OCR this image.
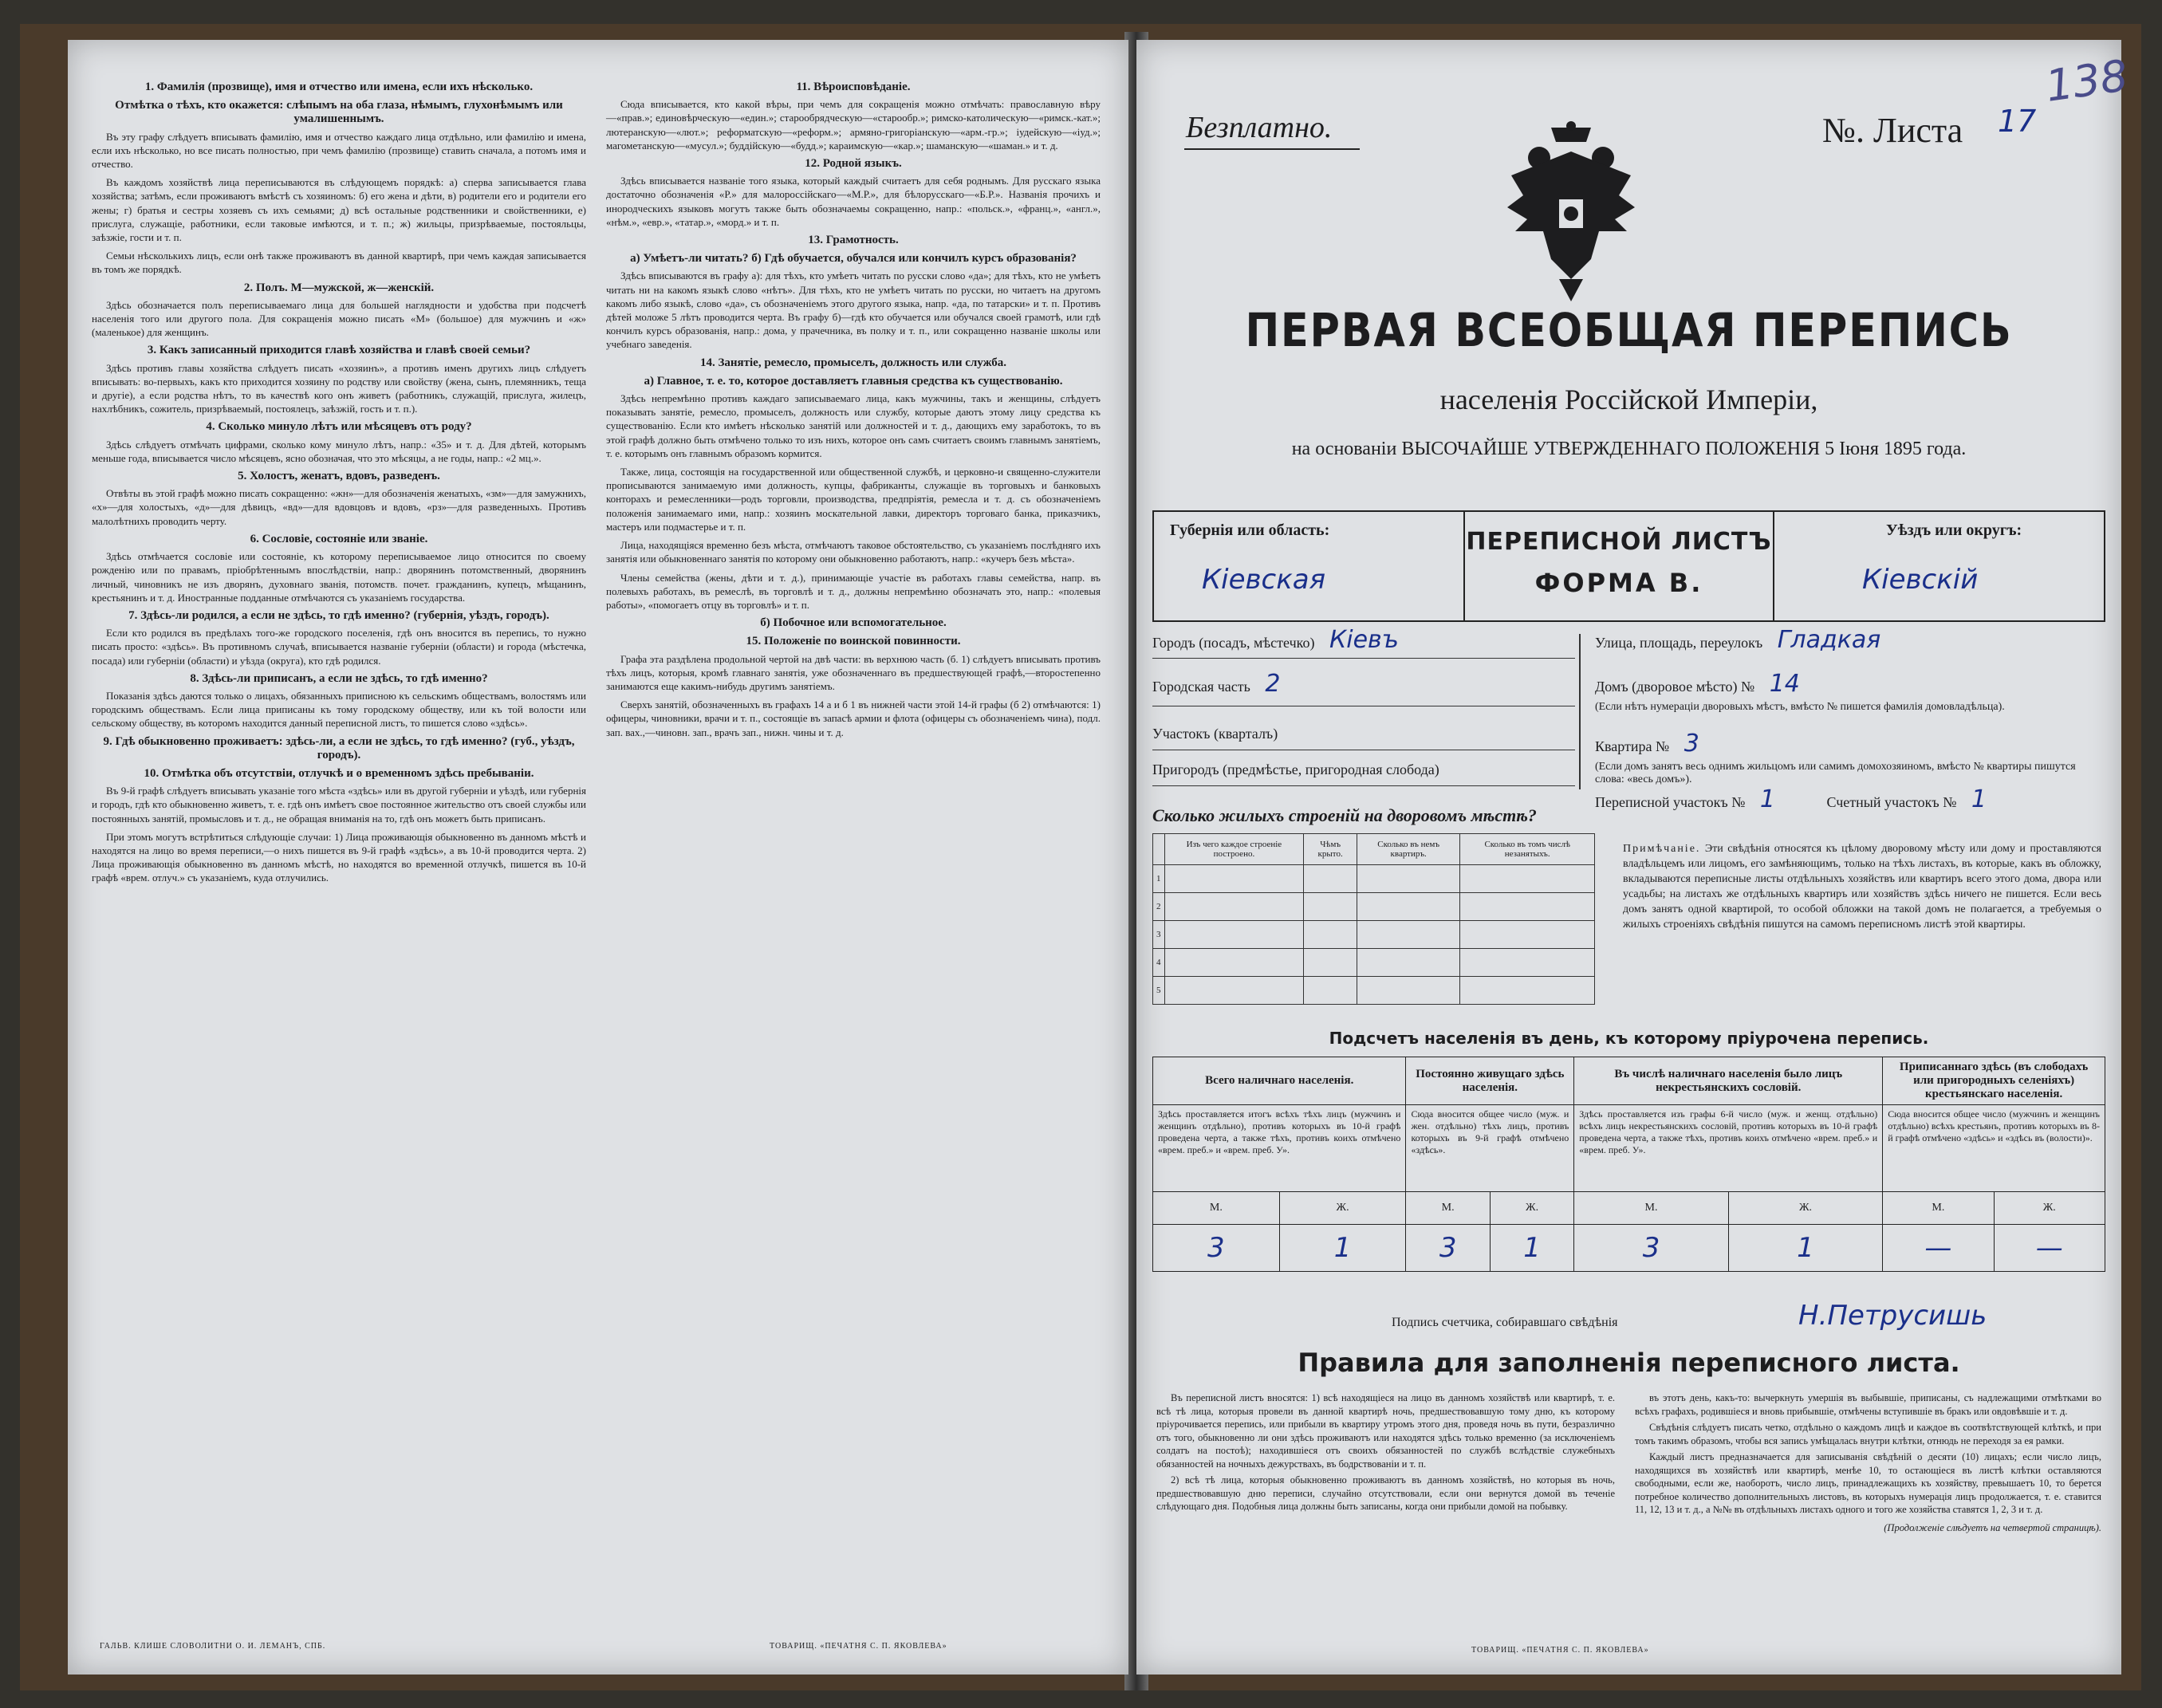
1. Фамилія (прозвище), имя и отчество или имена, если ихъ нѣсколько.
Отмѣтка о тѣхъ, кто окажется: слѣпымъ на оба глаза, нѣмымъ, глухонѣмымъ или умалишеннымъ.

Въ эту графу слѣдуетъ вписывать фамилію, имя и отчество каждаго лица отдѣльно, или фамилію и имена, если ихъ нѣсколько, но все писать полностью, при чемъ фамилію (прозвище) ставить сначала, а потомъ имя и отчество.

Въ каждомъ хозяйствѣ лица переписываются въ слѣдующемъ порядкѣ: а) сперва записывается глава хозяйства; затѣмъ, если проживаютъ вмѣстѣ съ хозяиномъ: б) его жена и дѣти, в) родители его и родители его жены; г) братья и сестры хозяевъ съ ихъ семьями; д) всѣ остальные родственники и свойственники, е) прислуга, служащіе, работники, если таковые имѣются, и т. п.; ж) жильцы, призрѣваемые, постояльцы, заѣзжіе, гости и т. п.

Семьи нѣсколькихъ лицъ, если онѣ также проживаютъ въ данной квартирѣ, при чемъ каждая записывается въ томъ же порядкѣ.

2. Полъ. М—мужской, ж—женскій.

Здѣсь обозначается полъ переписываемаго лица для большей наглядности и удобства при подсчетѣ населенія того или другого пола. Для сокращенія можно писать «М» (большое) для мужчинъ и «ж» (маленькое) для женщинъ.

3. Какъ записанный приходится главѣ хозяйства и главѣ своей семьи?

Здѣсь противъ главы хозяйства слѣдуетъ писать «хозяинъ», а противъ именъ другихъ лицъ слѣдуетъ вписывать: во-первыхъ, какъ кто приходится хозяину по родству или свойству (жена, сынъ, племянникъ, теща и другіе), а если родства нѣтъ, то въ качествѣ кого онъ живетъ (работникъ, служащій, прислуга, жилецъ, нахлѣбникъ, сожитель, призрѣваемый, постоялецъ, заѣзжій, гость и т. п.).

4. Сколько минуло лѣтъ или мѣсяцевъ отъ роду?

Здѣсь слѣдуетъ отмѣчать цифрами, сколько кому минуло лѣтъ, напр.: «35» и т. д. Для дѣтей, которымъ меньше года, вписывается число мѣсяцевъ, ясно обозначая, что это мѣсяцы, а не годы, напр.: «2 мц.».

5. Холостъ, женатъ, вдовъ, разведенъ.

Отвѣты въ этой графѣ можно писать сокращенно: «жн»—для обозначенія женатыхъ, «зм»—для замужнихъ, «х»—для холостыхъ, «д»—для дѣвицъ, «вд»—для вдовцовъ и вдовъ, «рз»—для разведенныхъ. Противъ малолѣтнихъ проводить черту.

6. Сословіе, состояніе или званіе.

Здѣсь отмѣчается сословіе или состояніе, къ которому переписываемое лицо относится по своему рожденію или по правамъ, пріобрѣтеннымъ впослѣдствіи, напр.: дворянинъ потомственный, дворянинъ личный, чиновникъ не изъ дворянъ, духовнаго званія, потомств. почет. гражданинъ, купецъ, мѣщанинъ, крестьянинъ и т. д. Иностранные подданные отмѣчаются съ указаніемъ государства.

7. Здѣсь-ли родился, а если не здѣсь, то гдѣ именно? (губернія, уѣздъ, городъ).

Если кто родился въ предѣлахъ того-же городского поселенія, гдѣ онъ вносится въ перепись, то нужно писать просто: «здѣсь». Въ противномъ случаѣ, вписывается названіе губерніи (области) и города (мѣстечка, посада) или губерніи (области) и уѣзда (округа), кто гдѣ родился.

8. Здѣсь-ли приписанъ, а если не здѣсь, то гдѣ именно?

Показанія здѣсь даются только о лицахъ, обязанныхъ приписною къ сельскимъ обществамъ, волостямъ или городскимъ обществамъ. Если лица приписаны къ тому городскому обществу, или къ той волости или сельскому обществу, въ которомъ находится данный переписной листъ, то пишется слово «здѣсь».

9. Гдѣ обыкновенно проживаетъ: здѣсь-ли, а если не здѣсь, то гдѣ именно? (губ., уѣздъ, городъ).
10. Отмѣтка объ отсутствіи, отлучкѣ и о временномъ здѣсь пребываніи.

Въ 9-й графѣ слѣдуетъ вписывать указаніе того мѣста «здѣсь» или въ другой губерніи и уѣздѣ, или губернія и городъ, гдѣ кто обыкновенно живетъ, т. е. гдѣ онъ имѣетъ свое постоянное жительство отъ своей службы или постоянныхъ занятій, промысловъ и т. д., не обращая вниманія на то, гдѣ онъ можетъ быть приписанъ.

При этомъ могутъ встрѣтиться слѣдующіе случаи: 1) Лица проживающія обыкновенно въ данномъ мѣстѣ и находятся на лицо во время переписи,—о нихъ пишется въ 9-й графѣ «здѣсь», а въ 10-й проводится черта. 2) Лица проживающія обыкновенно въ данномъ мѣстѣ, но находятся во временной отлучкѣ, пишется въ 10-й графѣ «врем. отлуч.» съ указаніемъ, куда отлучились.

11. Вѣроисповѣданіе.

Сюда вписывается, кто какой вѣры, при чемъ для сокращенія можно отмѣчать: православную вѣру—«прав.»; единовѣрческую—«един.»; старообрядческую—«старообр.»; римско-католическую—«римск.-кат.»; лютеранскую—«лют.»; реформатскую—«реформ.»; армяно-григоріанскую—«арм.-гр.»; іудейскую—«іуд.»; магометанскую—«мусул.»; буддійскую—«будд.»; караимскую—«кар.»; шаманскую—«шаман.» и т. д.

12. Родной языкъ.

Здѣсь вписывается названіе того языка, который каждый считаетъ для себя роднымъ. Для русскаго языка достаточно обозначенія «Р.» для малороссійскаго—«М.Р.», для бѣлорусскаго—«Б.Р.». Названія прочихъ и инородческихъ языковъ могутъ также быть обозначаемы сокращенно, напр.: «польск.», «франц.», «англ.», «нѣм.», «евр.», «татар.», «морд.» и т. п.

13. Грамотность.
а) Умѣетъ-ли читать? б) Гдѣ обучается, обучался или кончилъ курсъ образованія?

Здѣсь вписываются въ графу а): для тѣхъ, кто умѣетъ читать по русски слово «да»; для тѣхъ, кто не умѣетъ читать ни на какомъ языкѣ слово «нѣтъ». Для тѣхъ, кто не умѣетъ читать по русски, но читаетъ на другомъ какомъ либо языкѣ, слово «да», съ обозначеніемъ этого другого языка, напр. «да, по татарски» и т. п. Противъ дѣтей моложе 5 лѣтъ проводится черта. Въ графу б)—гдѣ кто обучается или обучался своей грамотѣ, или гдѣ кончилъ курсъ образованія, напр.: дома, у прачечника, въ полку и т. п., или сокращенно названіе школы или учебнаго заведенія.

14. Занятіе, ремесло, промыселъ, должность или служба.
а) Главное, т. е. то, которое доставляетъ главныя средства къ существованію.

Здѣсь непремѣнно противъ каждаго записываемаго лица, какъ мужчины, такъ и женщины, слѣдуетъ показывать занятіе, ремесло, промыселъ, должность или службу, которые даютъ этому лицу средства къ существованію. Если кто имѣетъ нѣсколько занятій или должностей и т. д., дающихъ ему заработокъ, то въ этой графѣ должно быть отмѣчено только то изъ нихъ, которое онъ самъ считаетъ своимъ главнымъ занятіемъ, т. е. которымъ онъ главнымъ образомъ кормится.

Также, лица, состоящія на государственной или общественной службѣ, и церковно-и священно-служители прописываются занимаемую ими должность, купцы, фабриканты, служащіе въ торговыхъ и банковыхъ конторахъ и ремесленники—родъ торговли, производства, предпріятія, ремесла и т. д. съ обозначеніемъ положенія занимаемаго ими, напр.: хозяинъ москательной лавки, директоръ торговаго банка, приказчикъ, мастеръ или подмастерье и т. п.

Лица, находящіяся временно безъ мѣста, отмѣчаютъ таковое обстоятельство, съ указаніемъ послѣдняго ихъ занятія или обыкновеннаго занятія по которому они обыкновенно работаютъ, напр.: «кучеръ безъ мѣста».

Члены семейства (жены, дѣти и т. д.), принимающіе участіе въ работахъ главы семейства, напр. въ полевыхъ работахъ, въ ремеслѣ, въ торговлѣ и т. д., должны непремѣнно обозначать это, напр.: «полевыя работы», «помогаетъ отцу въ торговлѣ» и т. п.

б) Побочное или вспомогательное.
15. Положеніе по воинской повинности.

Графа эта раздѣлена продольной чертой на двѣ части: въ верхнюю часть (б. 1) слѣдуетъ вписывать противъ тѣхъ лицъ, которыя, кромѣ главнаго занятія, уже обозначеннаго въ предшествующей графѣ,—второстепенно занимаются еще какимъ-нибудь другимъ занятіемъ.

Сверхъ занятій, обозначенныхъ въ графахъ 14 а и б 1 въ нижней части этой 14-й графы (б 2) отмѣчаются: 1) офицеры, чиновники, врачи и т. п., состоящіе въ запасѣ армии и флота (офицеры съ обозначеніемъ чина), подл. зап. вах.,—чиновн. зап., врачъ зап., нижн. чины и т. д.

ГАЛЬВ. КЛИШЕ СЛОВОЛИТНИ О. И. ЛЕМАНЪ, СПБ.	ТОВАРИЩ. «ПЕЧАТНЯ С. П. ЯКОВЛЕВА»
Безплатно.	№. Листа 17
138
ПЕРВАЯ ВСЕОБЩАЯ ПЕРЕПИСЬ
населенія Россійской Имперіи,
на основаніи ВЫСОЧАЙШЕ УТВЕРЖДЕННАГО ПОЛОЖЕНІЯ 5 Іюня 1895 года.
Губернія или область:
Кіевская
ПЕРЕПИСНОЙ ЛИСТЪ
ФОРМА В.
Уѣздъ или округъ:
Кіевскій
Городъ (посадъ, мѣстечко) Кіевъ
Городская часть 2
Участокъ (кварталъ)
Пригородъ (предмѣстье, пригородная слобода)
Улица, площадь, переулокъ Гладкая
Домъ (дворовое мѣсто) № 14
(Если нѣтъ нумераціи дворовыхъ мѣстъ, вмѣсто № пишется фамилія домовладѣльца).
Квартира № 3
(Если домъ занятъ весь однимъ жильцомъ или самимъ домохозяиномъ, вмѣсто № квартиры пишутся слова: «весь домъ»).
Переписной участокъ № 1	Счетный участокъ № 1
Сколько жилыхъ строеній на дворовомъ мѣстѣ?
	Изъ чего каждое строеніе построено.	Чѣмъ крыто.	Сколько въ немъ квартиръ.	Сколько въ томъ числѣ незанятыхъ.
1				
2				
3				
4				
5				
Примѣчаніе. Эти свѣдѣнія относятся къ цѣлому дворовому мѣсту или дому и проставляются владѣльцемъ или лицомъ, его замѣняющимъ, только на тѣхъ листахъ, въ которые, какъ въ обложку, вкладываются переписные листы отдѣльныхъ хозяйствъ или квартиръ всего этого дома, двора или усадьбы; на листахъ же отдѣльныхъ квартиръ или хозяйствъ здѣсь ничего не пишется. Если весь домъ занятъ одной квартирой, то особой обложки на такой домъ не полагается, а требуемыя о жилыхъ строеніяхъ свѣдѣнія пишутся на самомъ переписномъ листѣ этой квартиры.
Подсчетъ населенія въ день, къ которому пріурочена перепись.
Всего наличнаго населенія.		Постоянно живущаго здѣсь населенія.		Въ числѣ наличнаго населенія было лицъ некрестьянскихъ сословій.		Приписаннаго здѣсь (въ слободахъ или пригородныхъ селеніяхъ) крестьянскаго населенія.	
Здѣсь проставляется итогъ всѣхъ тѣхъ лицъ (мужчинъ и женщинъ отдѣльно), противъ которыхъ въ 10-й графѣ проведена черта, а также тѣхъ, противъ коихъ отмѣчено «врем. преб.» и «врем. преб. У».		Сюда вносится общее число (муж. и жен. отдѣльно) тѣхъ лицъ, противъ которыхъ въ 9-й графѣ отмѣчено «здѣсь».		Здѣсь проставляется изъ графы 6-й число (муж. и женщ. отдѣльно) всѣхъ лицъ некрестьянскихъ сословій, противъ которыхъ въ 10-й графѣ проведена черта, а также тѣхъ, противъ коихъ отмѣчено «врем. преб.» и «врем. преб. У».		Сюда вносится общее число (мужчинъ и женщинъ отдѣльно) всѣхъ крестьянъ, противъ которыхъ въ 8-й графѣ отмѣчено «здѣсь» и «здѣсь въ (волости)».	
М.	Ж.	М.	Ж.	М.	Ж.	М.	Ж.
3	1	3	1	3	1	—	—
Подпись счетчика, собиравшаго свѣдѣнія	Н.Петрусишь
Правила для заполненія переписного листа.

Въ переписной листъ вносятся: 1) всѣ находящіеся на лицо въ данномъ хозяйствѣ или квартирѣ, т. е. всѣ тѣ лица, которыя провели въ данной квартирѣ ночь, предшествовавшую тому дню, къ которому пріурочивается перепись, или прибыли въ квартиру утромъ этого дня, проведя ночь въ пути, безразлично отъ того, обыкновенно ли они здѣсь проживаютъ или находятся здѣсь только временно (за исключеніемъ солдатъ на постоѣ); находившіеся отъ своихъ обязанностей по службѣ вслѣдствіе служебныхъ обязанностей на ночныхъ дежурствахъ, въ бодрствованіи и т. п.

2) всѣ тѣ лица, которыя обыкновенно проживаютъ въ данномъ хозяйствѣ, но которыя въ ночь, предшествовавшую дню переписи, случайно отсутствовали, если они вернутся домой въ теченіе слѣдующаго дня. Подобныя лица должны быть записаны, когда они прибыли домой на побывку.

въ этотъ день, какъ-то: вычеркнуть умершія въ выбывшіе, приписаны, съ надлежащими отмѣтками во всѣхъ графахъ, родившіеся и вновь прибывшіе, отмѣчены вступившіе въ бракъ или овдовѣвшіе и т. д.

Свѣдѣнія слѣдуетъ писать четко, отдѣльно о каждомъ лицѣ и каждое въ соотвѣтствующей клѣткѣ, и при томъ такимъ образомъ, чтобы вся запись умѣщалась внутри клѣтки, отнюдь не переходя за ея рамки.

Каждый листъ предназначается для записыванія свѣдѣній о десяти (10) лицахъ; если число лицъ, находящихся въ хозяйствѣ или квартирѣ, менѣе 10, то остающіеся въ листѣ клѣтки оставляются свободными, если же, наоборотъ, число лицъ, принадлежащихъ къ хозяйству, превышаетъ 10, то берется потребное количество дополнительныхъ листовъ, въ которыхъ нумерація лицъ продолжается, т. е. ставится 11, 12, 13 и т. д., а №№ въ отдѣльныхъ листахъ одного и того же хозяйства ставятся 1, 2, 3 и т. д.

(Продолженіе слѣдуетъ на четвертой страницѣ).
ТОВАРИЩ. «ПЕЧАТНЯ С. П. ЯКОВЛЕВА»
